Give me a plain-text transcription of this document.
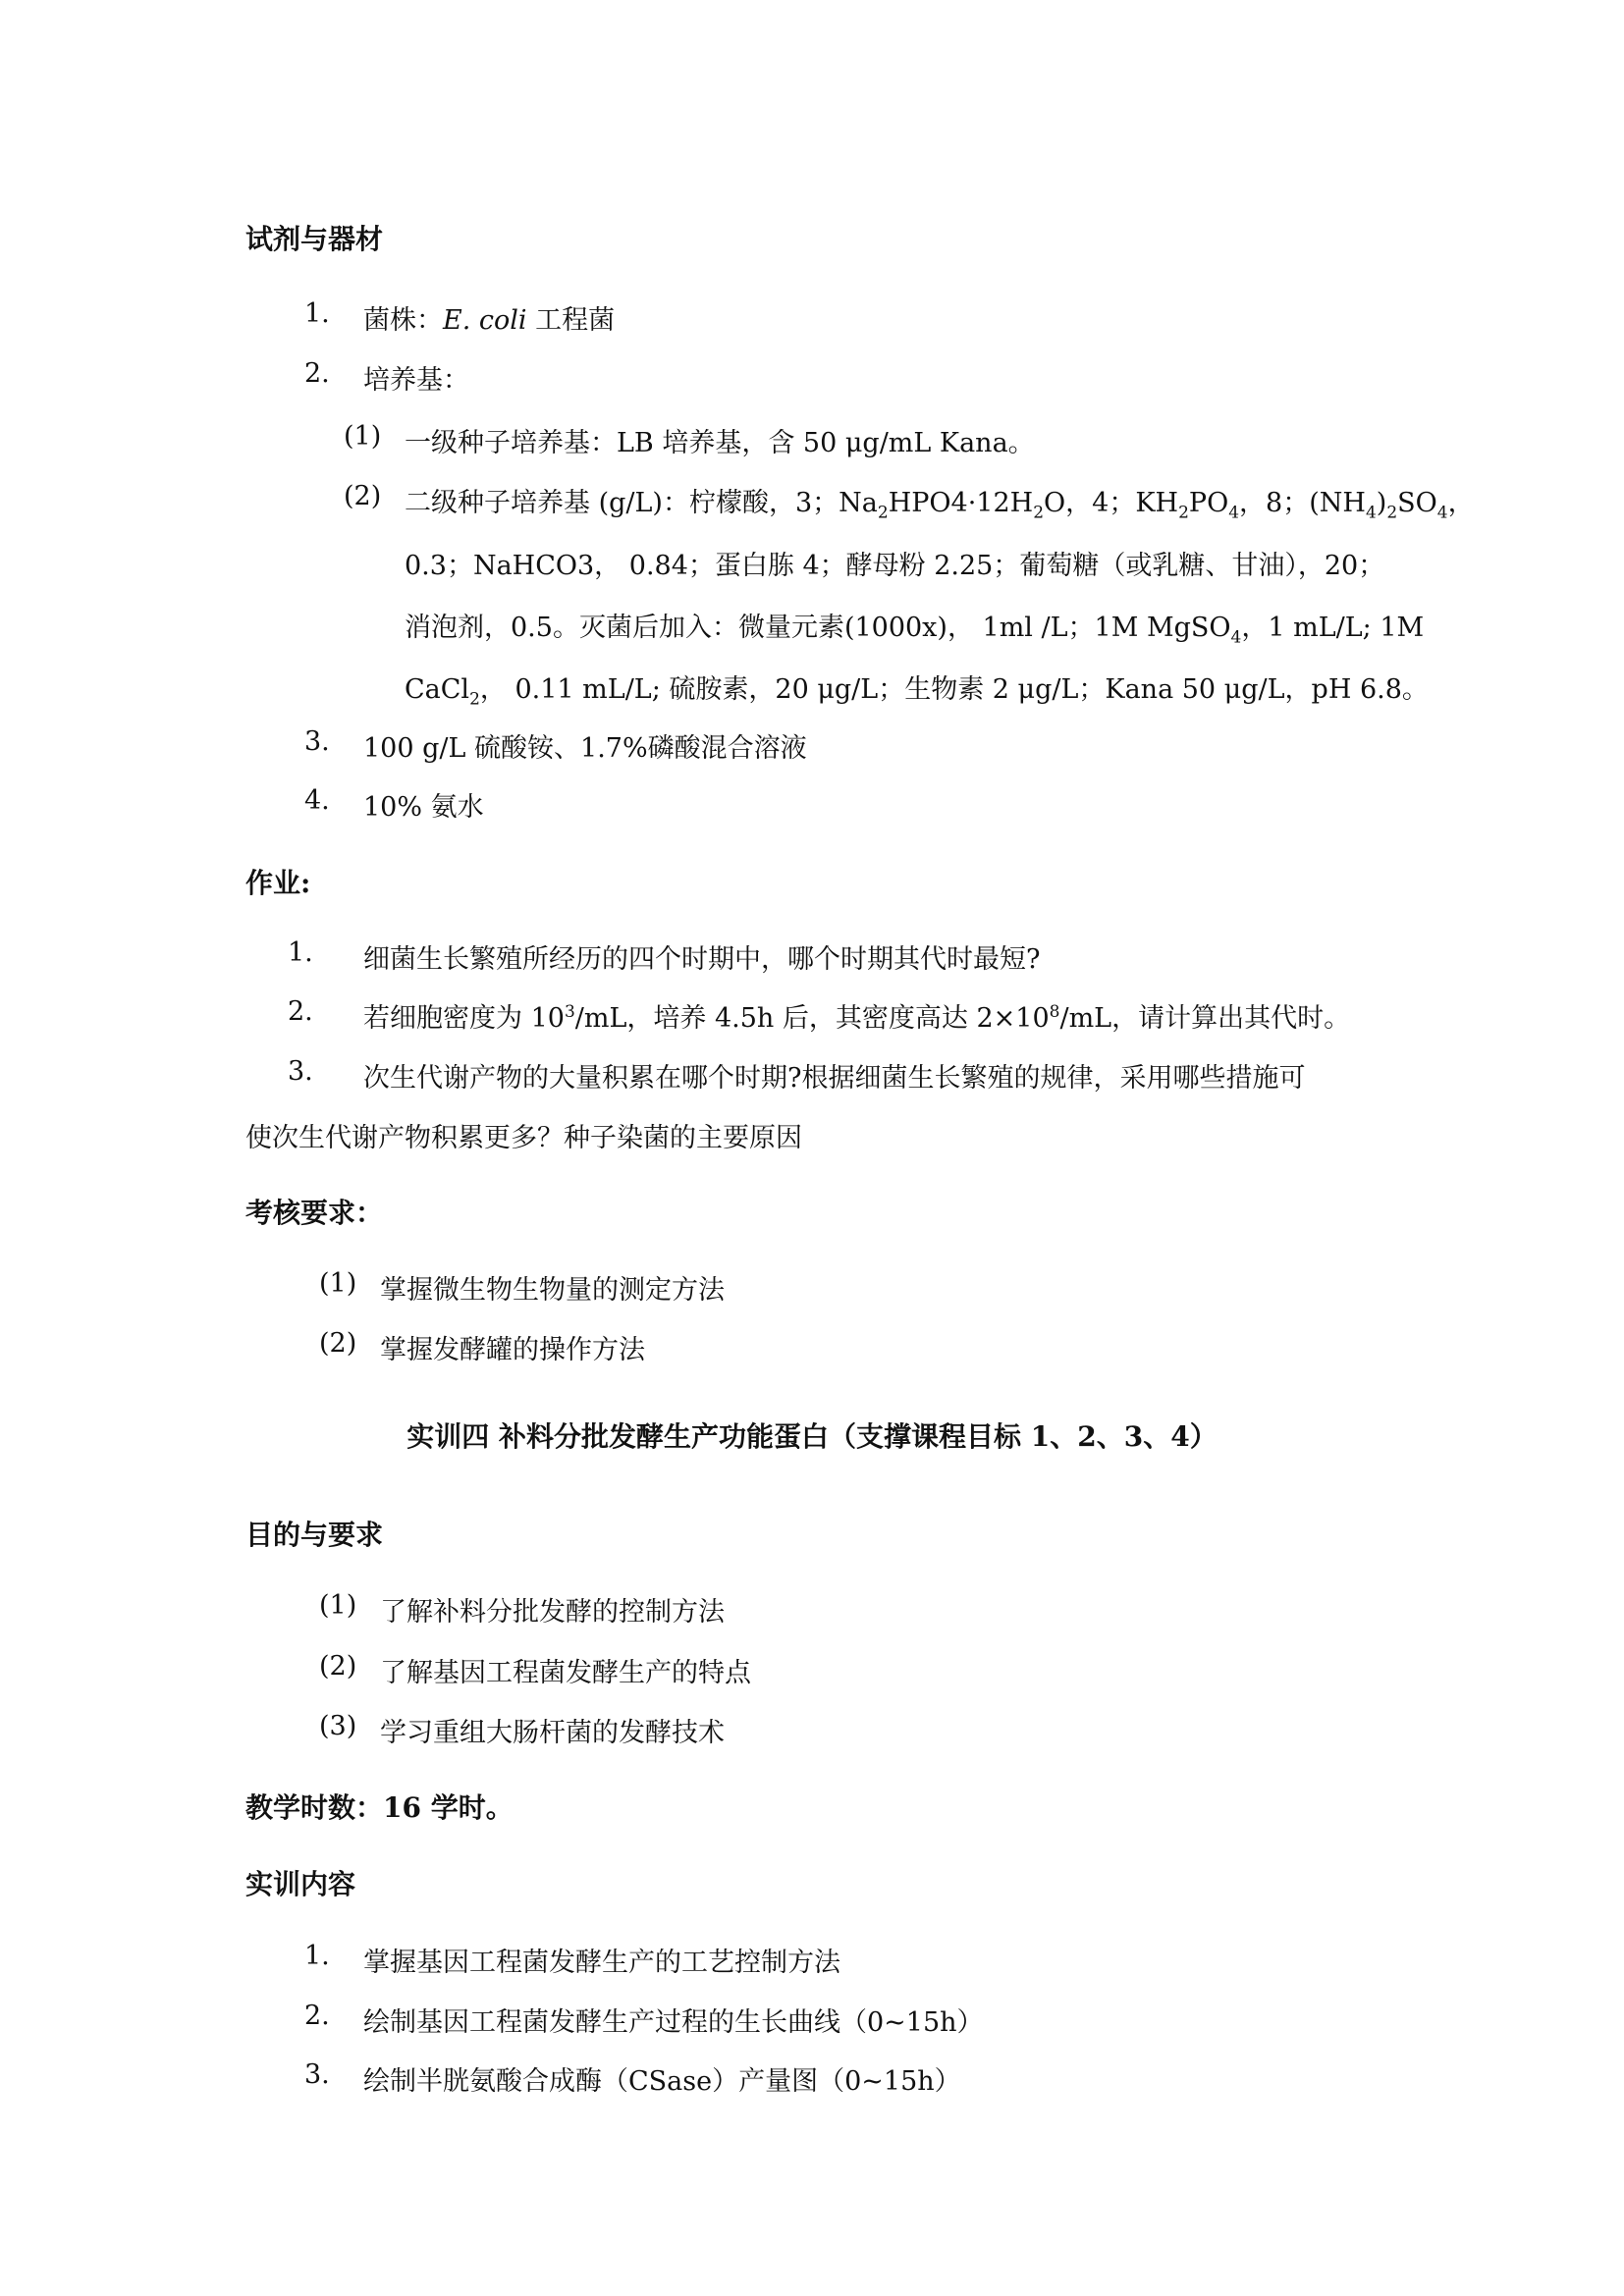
试剂与器材
1. 菌株：E. coli 工程菌
2. 培养基：
(1) 一级种子培养基：LB 培养基，含 50 μg/mL Kana。
(2) 二级种子培养基 (g/L)：柠檬酸，3；$Na_2HPO4\cdot 12H_2O$，4；$KH_2PO_4$，8；$(NH_4)_2SO_4$，
0.3；NaHCO3， 0.84；蛋白胨 4；酵母粉 2.25；葡萄糖（或乳糖、甘油），20；
消泡剂，0.5。灭菌后加入：微量元素(1000x)， 1ml /L；1M MgSO$_4$，1 mL/L; 1M
CaCl$_2$， 0.11 mL/L; 硫胺素，20 μg/L；生物素 2 μg/L；Kana 50 μg/L，pH 6.8。
3. 100 g/L 硫酸铵、1.7%磷酸混合溶液
4. 10% 氨水
作业:
1. 细菌生长繁殖所经历的四个时期中，哪个时期其代时最短?
2. 若细胞密度为 $10^3/mL$，培养 4.5h 后，其密度高达 $2\times 10^8/mL$，请计算出其代时。
3. 次生代谢产物的大量积累在哪个时期?根据细菌生长繁殖的规律，采用哪些措施可
使次生代谢产物积累更多？种子染菌的主要原因
考核要求：
(1) 掌握微生物生物量的测定方法
(2) 掌握发酵罐的操作方法
实训四 补料分批发酵生产功能蛋白（支撑课程目标 1、2、3、4）
目的与要求
(1) 了解补料分批发酵的控制方法
(2) 了解基因工程菌发酵生产的特点
(3) 学习重组大肠杆菌的发酵技术
教学时数：16 学时。
实训内容
1. 掌握基因工程菌发酵生产的工艺控制方法
2. 绘制基因工程菌发酵生产过程的生长曲线（0~15h）
3. 绘制半胱氨酸合成酶（CSase）产量图（0~15h）
